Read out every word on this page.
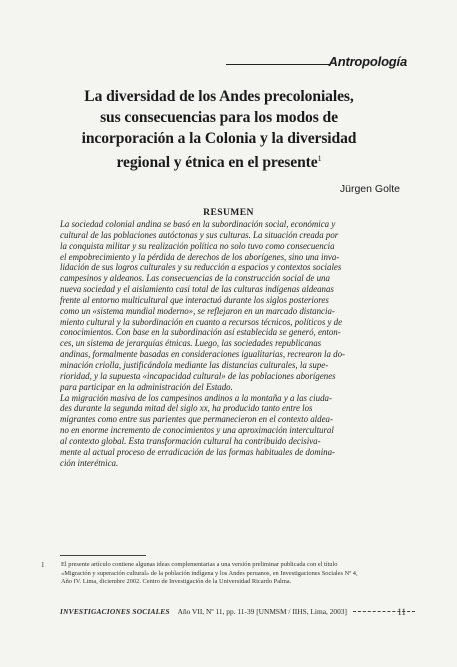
Antropología
La diversidad de los Andes precoloniales,
sus consecuencias para los modos de
incorporación a la Colonia y la diversidad
regional y étnica en el presente$^1$
Jürgen Golte
RESUMEN
La sociedad colonial andina se basó en la subordinación social, económica y
cultural de las poblaciones autóctonas y sus culturas. La situación creada por
la conquista militar y su realización política no solo tuvo como consecuencia
el empobrecimiento y la pérdida de derechos de los aborígenes, sino una inva-
lidación de sus logros culturales y su reducción a espacios y contextos sociales
campesinos y aldeanos. Las consecuencias de la construcción social de una
nueva sociedad y el aislamiento casi total de las culturas indígenas aldeanas
frente al entorno multicultural que interactuó durante los siglos posteriores
como un «sistema mundial moderno», se reflejaron en un marcado distancia-
miento cultural y la subordinación en cuanto a recursos técnicos, políticos y de
conocimientos. Con base en la subordinación así establecida se generó, enton-
ces, un sistema de jerarquías étnicas. Luego, las sociedades republicanas
andinas, formalmente basadas en consideraciones igualitarias, recrearon la do-
minación criolla, justificándola mediante las distancias culturales, la supe-
rioridad, y la supuesta «incapacidad cultural» de las poblaciones aborígenes
para participar en la administración del Estado.
La migración masiva de los campesinos andinos a la montaña y a las ciuda-
des durante la segunda mitad del siglo xx, ha producido tanto entre los
migrantes como entre sus parientes que permanecieron en el contexto aldea-
no en enorme incremento de conocimientos y una aproximación intercultural
al contexto global. Esta transformación cultural ha contribuido decisiva-
mente al actual proceso de erradicación de las formas habituales de domina-
ción interétnica.
1	El presente artículo contiene algunas ideas complementarias a una versión preliminar publicada con el título
«Migración y superación cultural» de la población indígena y los Andes peruanos, en Investigaciones Sociales Nº 4,
Año IV. Lima, diciembre 2002. Centro de Investigación de la Universidad Ricardo Palma.
INVESTIGACIONES SOCIALES Año VII, Nº 11, pp. 11-39 [UNMSM / IIHS, Lima, 2003]	11
